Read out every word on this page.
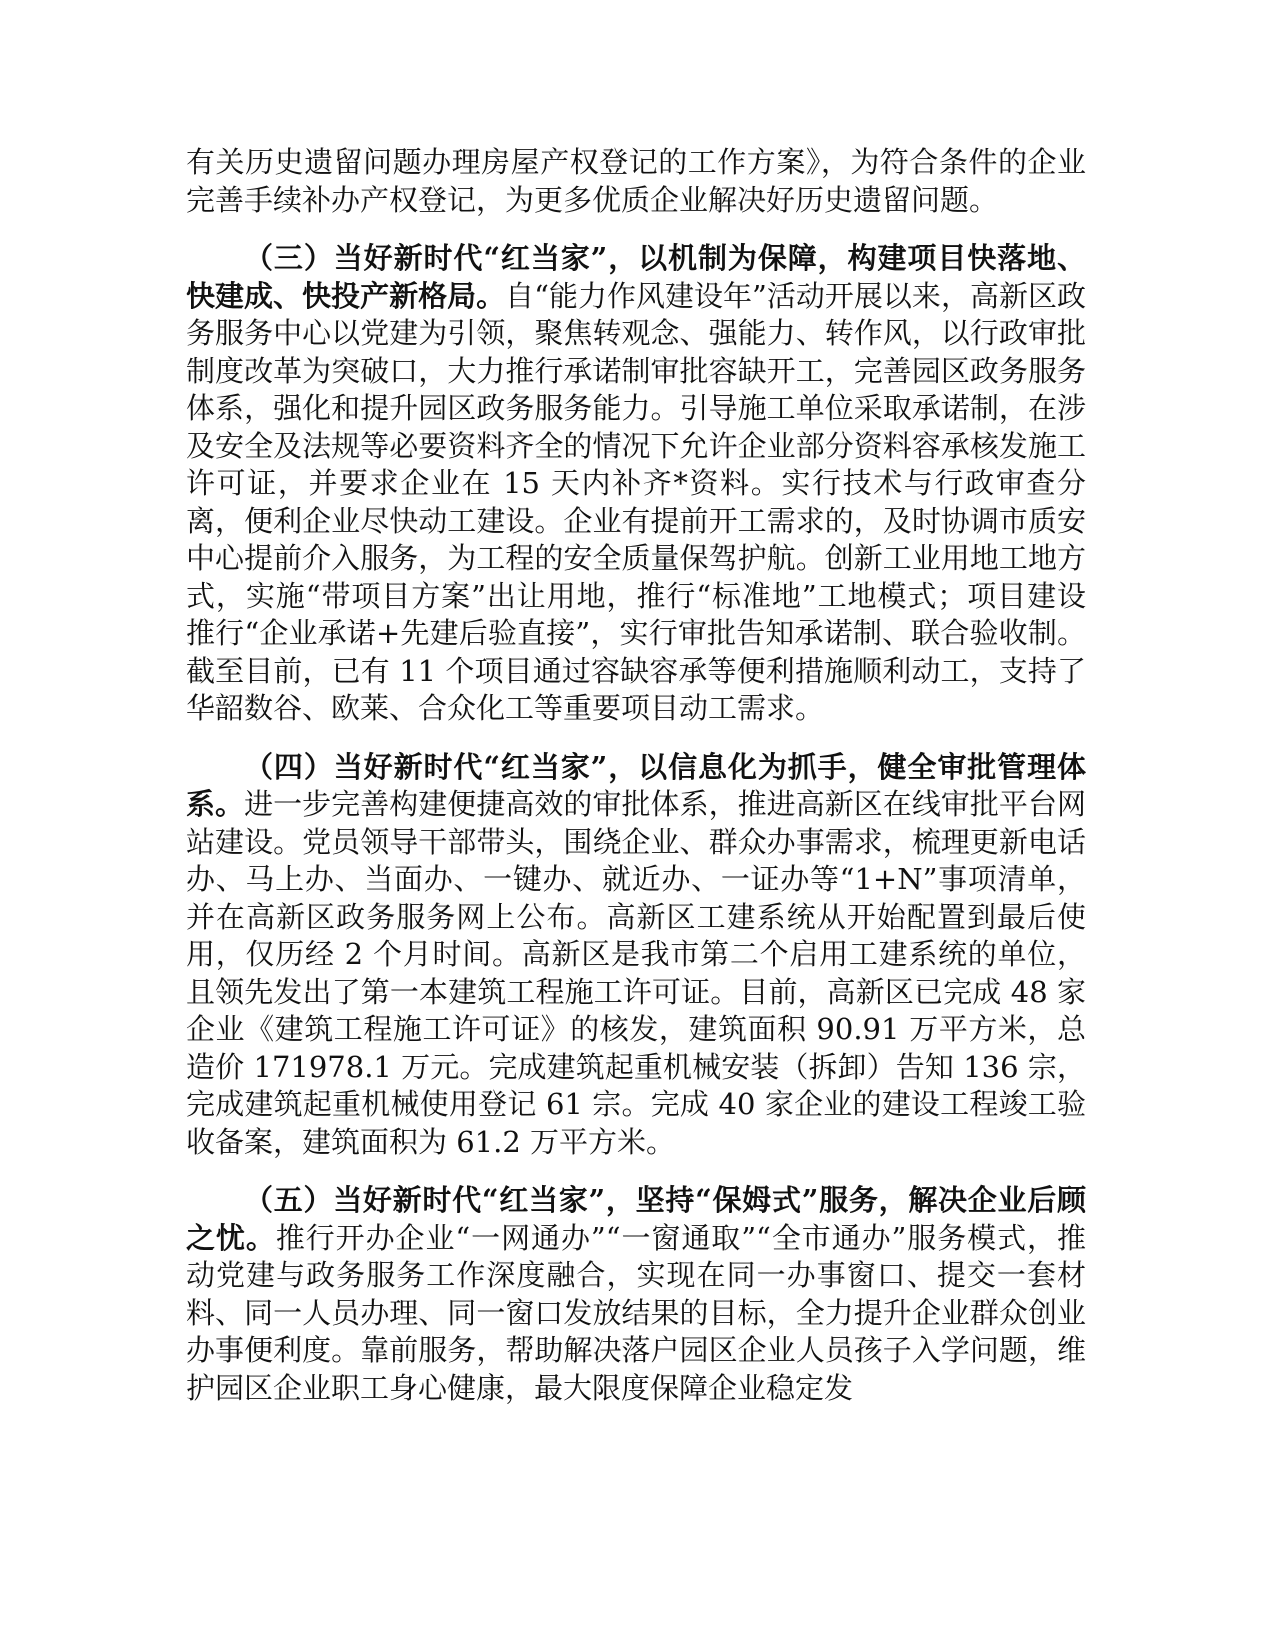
有关历史遗留问题办理房屋产权登记的工作方案》，为符合条件的企业完善手续补办产权登记，为更多优质企业解决好历史遗留问题。

（三）当好新时代“红当家”，以机制为保障，构建项目快落地、快建成、快投产新格局。自“能力作风建设年”活动开展以来，高新区政务服务中心以党建为引领，聚焦转观念、强能力、转作风，以行政审批制度改革为突破口，大力推行承诺制审批容缺开工，完善园区政务服务体系，强化和提升园区政务服务能力。引导施工单位采取承诺制，在涉及安全及法规等必要资料齐全的情况下允许企业部分资料容承核发施工许可证，并要求企业在 15 天内补齐*资料。实行技术与行政审查分离，便利企业尽快动工建设。企业有提前开工需求的，及时协调市质安中心提前介入服务，为工程的安全质量保驾护航。创新工业用地工地方式，实施“带项目方案”出让用地，推行“标准地”工地模式；项目建设推行“企业承诺+先建后验直接”，实行审批告知承诺制、联合验收制。截至目前，已有 11 个项目通过容缺容承等便利措施顺利动工，支持了华韶数谷、欧莱、合众化工等重要项目动工需求。

（四）当好新时代“红当家”，以信息化为抓手，健全审批管理体系。进一步完善构建便捷高效的审批体系，推进高新区在线审批平台网站建设。党员领导干部带头，围绕企业、群众办事需求，梳理更新电话办、马上办、当面办、一键办、就近办、一证办等“1+N”事项清单，并在高新区政务服务网上公布。高新区工建系统从开始配置到最后使用，仅历经 2 个月时间。高新区是我市第二个启用工建系统的单位，且领先发出了第一本建筑工程施工许可证。目前，高新区已完成 48 家企业《建筑工程施工许可证》的核发，建筑面积 90.91 万平方米，总造价 171978.1 万元。完成建筑起重机械安装（拆卸）告知 136 宗，完成建筑起重机械使用登记 61 宗。完成 40 家企业的建设工程竣工验收备案，建筑面积为 61.2 万平方米。

（五）当好新时代“红当家”，坚持“保姆式”服务，解决企业后顾之忧。推行开办企业“一网通办”“一窗通取”“全市通办”服务模式，推动党建与政务服务工作深度融合，实现在同一办事窗口、提交一套材料、同一人员办理、同一窗口发放结果的目标，全力提升企业群众创业办事便利度。靠前服务，帮助解决落户园区企业人员孩子入学问题，维护园区企业职工身心健康，最大限度保障企业稳定发
